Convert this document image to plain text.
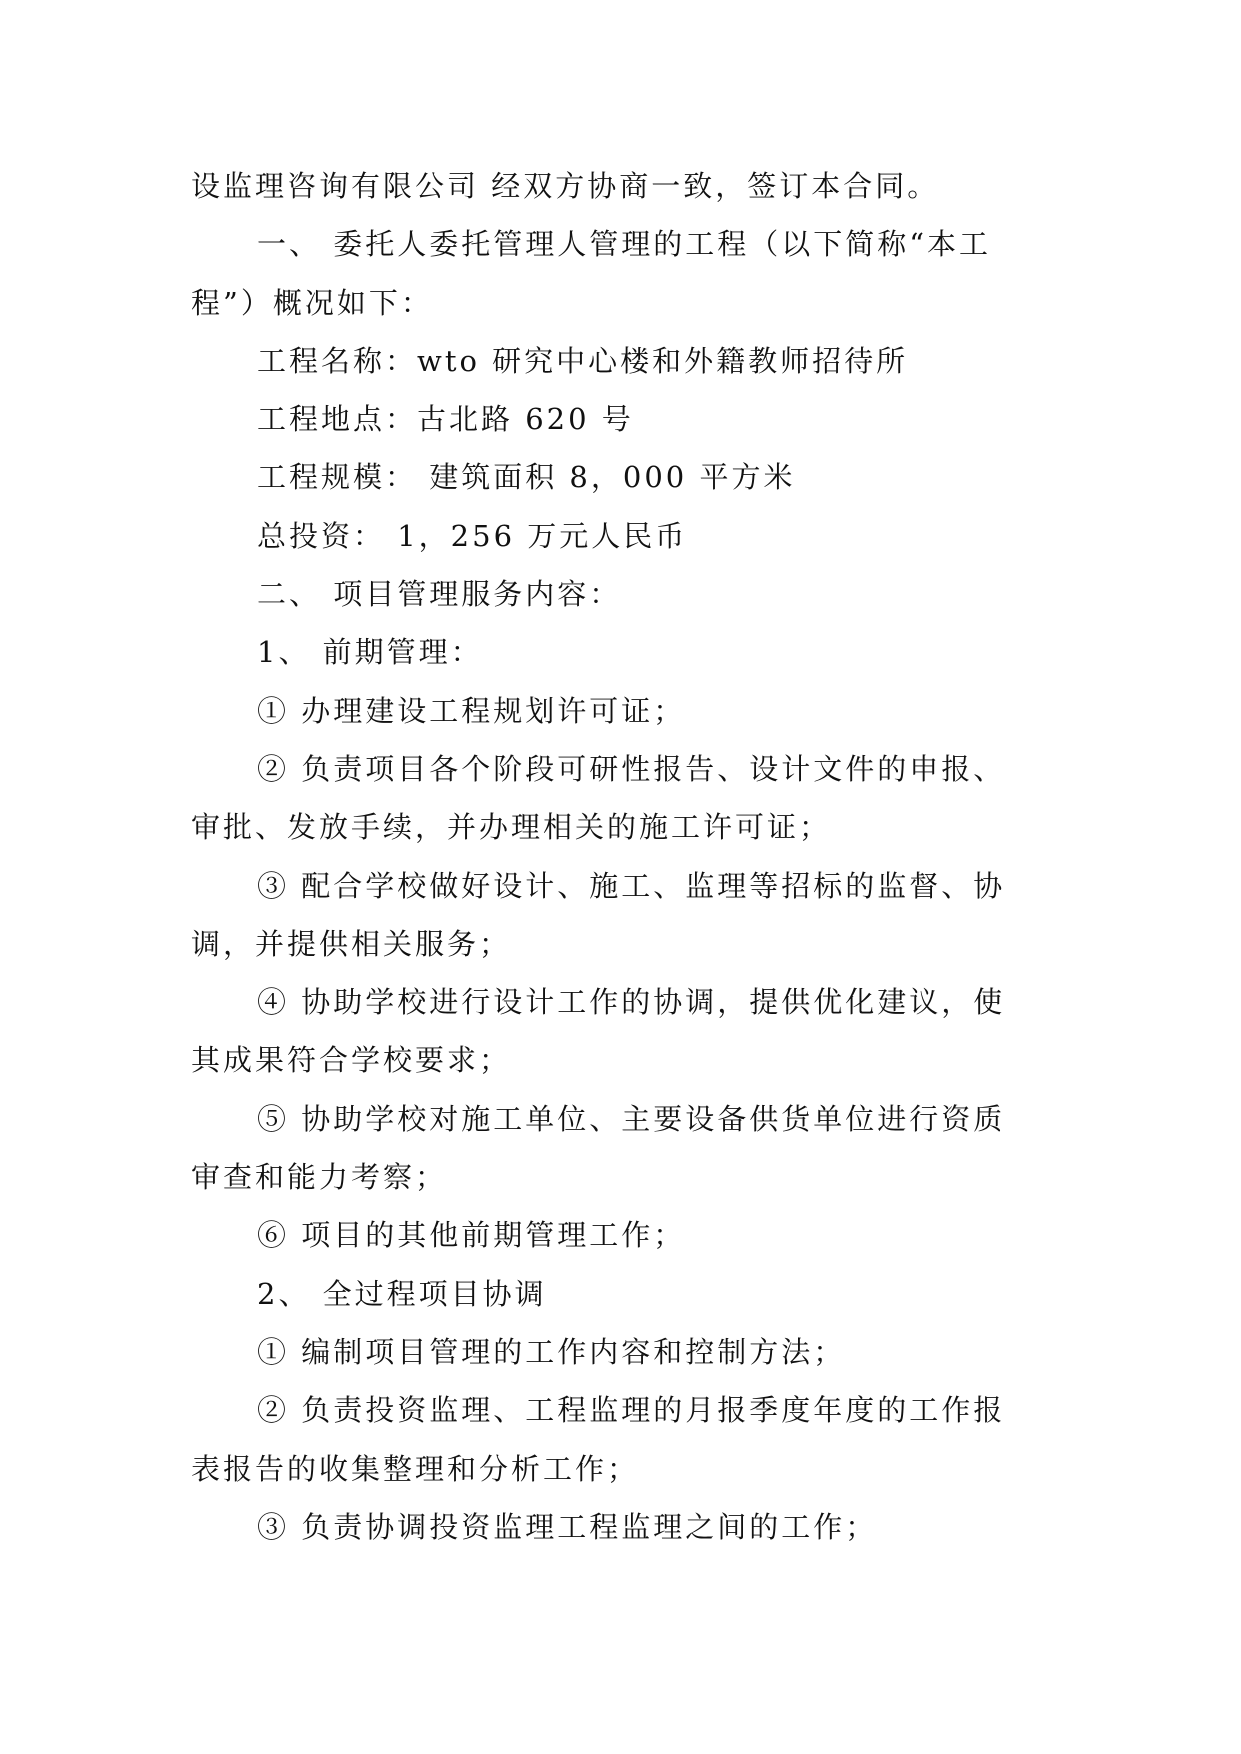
设监理咨询有限公司 经双方协商一致，签订本合同。
一、 委托人委托管理人管理的工程（以下简称“本工
程”）概况如下：
工程名称：wto 研究中心楼和外籍教师招待所
工程地点：古北路 620 号
工程规模： 建筑面积 8，000 平方米
总投资： 1，256 万元人民币
二、 项目管理服务内容：
1、 前期管理：
① 办理建设工程规划许可证；
② 负责项目各个阶段可研性报告、设计文件的申报、
审批、发放手续，并办理相关的施工许可证；
③ 配合学校做好设计、施工、监理等招标的监督、协
调，并提供相关服务；
④ 协助学校进行设计工作的协调，提供优化建议，使
其成果符合学校要求；
⑤ 协助学校对施工单位、主要设备供货单位进行资质
审查和能力考察；
⑥ 项目的其他前期管理工作；
2、 全过程项目协调
① 编制项目管理的工作内容和控制方法；
② 负责投资监理、工程监理的月报季度年度的工作报
表报告的收集整理和分析工作；
③ 负责协调投资监理工程监理之间的工作；
